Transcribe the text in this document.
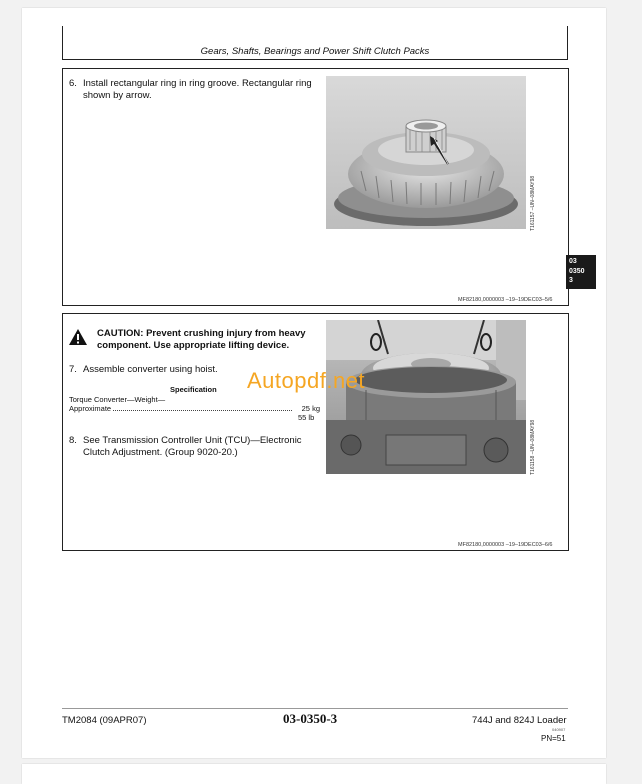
Gears, Shafts, Bearings and Power Shift Clutch Packs
6. Install rectangular ring in ring groove. Rectangular ring
shown by arrow.
T161157 –UN–08MAY98
MF82180,0000003 –19–19DEC03–5/6
03
0350
3
CAUTION: Prevent crushing injury from heavy
component. Use appropriate lifting device.
7. Assemble converter using hoist.
Specification
Torque Converter—Weight—
Approximate	25 kg
55 lb
8. See Transmission Controller Unit (TCU)—Electronic
Clutch Adjustment. (Group 9020-20.)	T161158 –UN–08MAY98
MF82180,0000003 –19–19DEC03–6/6
Autopdf.net
TM2084 (09APR07)	03-0350-3	744J and 824J Loader
040907
PN=51
